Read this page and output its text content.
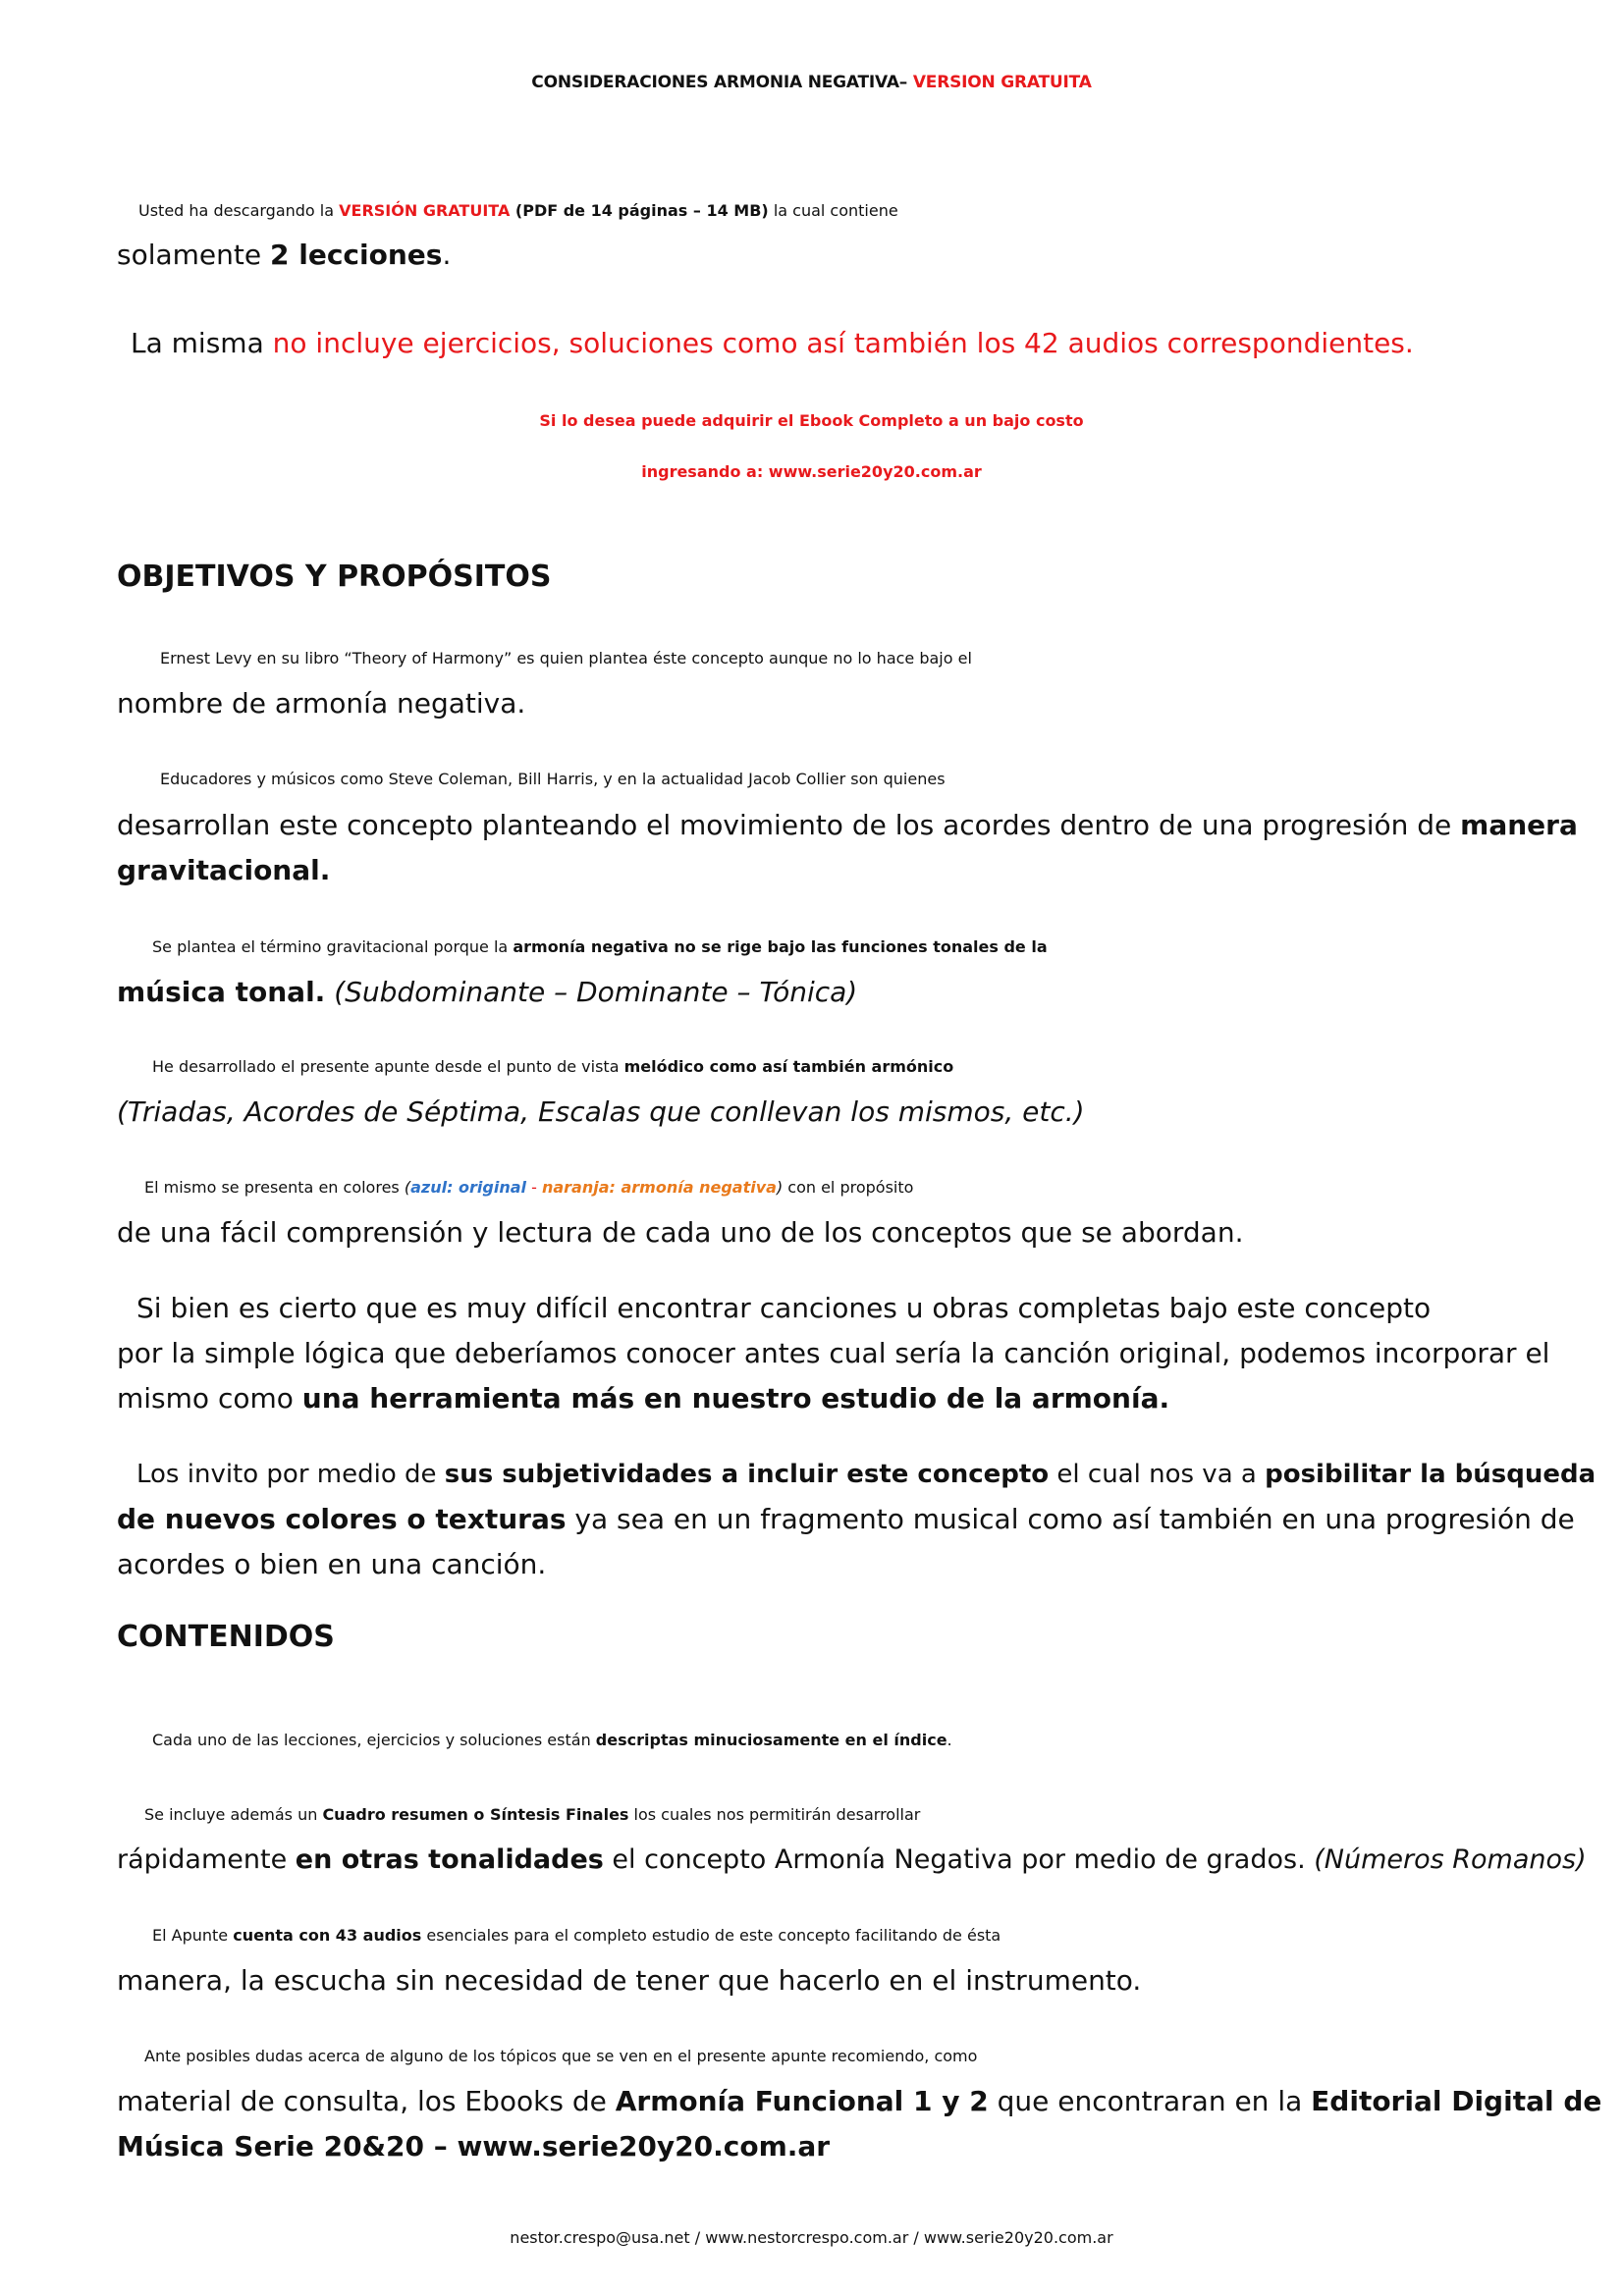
CONSIDERACIONES ARMONIA NEGATIVA– VERSION GRATUITA
Usted ha descargando la VERSIÓN GRATUITA (PDF de 14 páginas – 14 MB) la cual contiene
solamente 2 lecciones.
La misma no incluye ejercicios, soluciones como así también los 42 audios correspondientes.
Si lo desea puede adquirir el Ebook Completo a un bajo costo
ingresando a: www.serie20y20.com.ar
OBJETIVOS Y PROPÓSITOS
Ernest Levy en su libro “Theory of Harmony” es quien plantea éste concepto aunque no lo hace bajo el
nombre de armonía negativa.
Educadores y músicos como Steve Coleman, Bill Harris, y en la actualidad Jacob Collier son quienes
desarrollan este concepto planteando el movimiento de los acordes dentro de una progresión de manera
gravitacional.
Se plantea el término gravitacional porque la armonía negativa no se rige bajo las funciones tonales de la
música tonal. (Subdominante – Dominante – Tónica)
He desarrollado el presente apunte desde el punto de vista melódico como así también armónico
(Triadas, Acordes de Séptima, Escalas que conllevan los mismos, etc.)
El mismo se presenta en colores (azul: original - naranja: armonía negativa) con el propósito
de una fácil comprensión y lectura de cada uno de los conceptos que se abordan.
Si bien es cierto que es muy difícil encontrar canciones u obras completas bajo este concepto
por la simple lógica que deberíamos conocer antes cual sería la canción original, podemos incorporar el
mismo como una herramienta más en nuestro estudio de la armonía.
Los invito por medio de sus subjetividades a incluir este concepto el cual nos va a posibilitar la búsqueda
de nuevos colores o texturas ya sea en un fragmento musical como así también en una progresión de
acordes o bien en una canción.
CONTENIDOS
Cada uno de las lecciones, ejercicios y soluciones están descriptas minuciosamente en el índice.
Se incluye además un Cuadro resumen o Síntesis Finales los cuales nos permitirán desarrollar
rápidamente en otras tonalidades el concepto Armonía Negativa por medio de grados. (Números Romanos)
El Apunte cuenta con 43 audios esenciales para el completo estudio de este concepto facilitando de ésta
manera, la escucha sin necesidad de tener que hacerlo en el instrumento.
Ante posibles dudas acerca de alguno de los tópicos que se ven en el presente apunte recomiendo, como
material de consulta, los Ebooks de Armonía Funcional 1 y 2 que encontraran en la Editorial Digital de
Música Serie 20&20 – www.serie20y20.com.ar
nestor.crespo@usa.net / www.nestorcrespo.com.ar / www.serie20y20.com.ar
